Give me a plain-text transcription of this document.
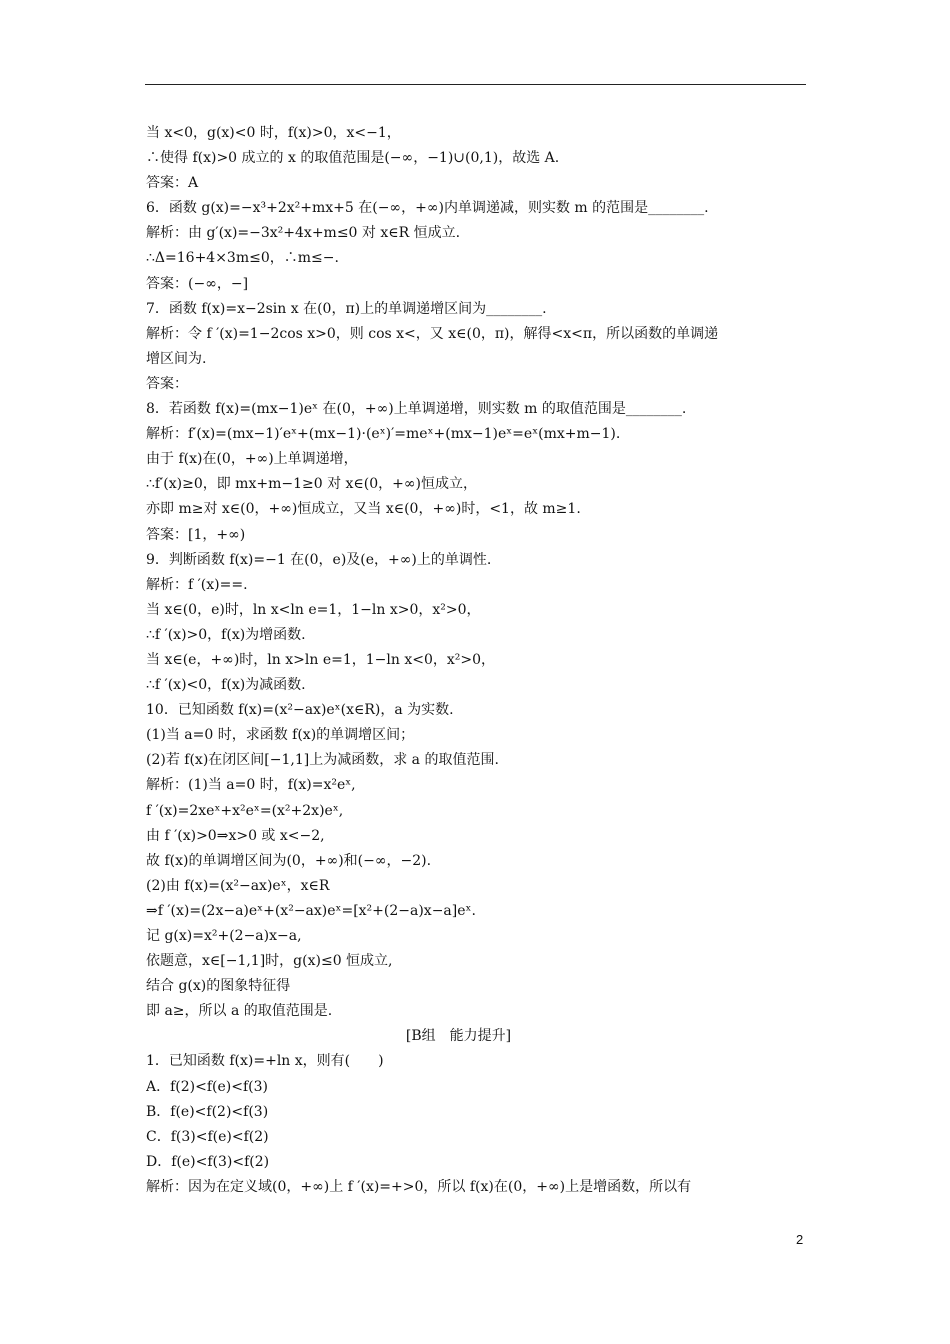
当 x<0，g(x)<0 时，f(x)>0，x<−1，
∴使得 f(x)>0 成立的 x 的取值范围是(−∞，−1)∪(0,1)，故选 A.
答案：A
6．函数 g(x)=−x³+2x²+mx+5 在(−∞，+∞)内单调递减，则实数 m 的范围是________.
解析：由 g′(x)=−3x²+4x+m≤0 对 x∈R 恒成立.
∴Δ=16+4×3m≤0，∴m≤−.
答案：(−∞，−]
7．函数 f(x)=x−2sin x 在(0，π)上的单调递增区间为________.
解析：令 f ′(x)=1−2cos x>0，则 cos x<，又 x∈(0，π)，解得<x<π，所以函数的单调递
增区间为.
答案：
8．若函数 f(x)=(mx−1)eˣ 在(0，+∞)上单调递增，则实数 m 的取值范围是________.
解析：f′(x)=(mx−1)′eˣ+(mx−1)·(eˣ)′=meˣ+(mx−1)eˣ=eˣ(mx+m−1).
由于 f(x)在(0，+∞)上单调递增，
∴f′(x)≥0，即 mx+m−1≥0 对 x∈(0，+∞)恒成立，
亦即 m≥对 x∈(0，+∞)恒成立，又当 x∈(0，+∞)时，<1，故 m≥1.
答案：[1，+∞)
9．判断函数 f(x)=−1 在(0，e)及(e，+∞)上的单调性.
解析：f ′(x)==.
当 x∈(0，e)时，ln x<ln e=1，1−ln x>0，x²>0，
∴f ′(x)>0，f(x)为增函数.
当 x∈(e，+∞)时，ln x>ln e=1，1−ln x<0，x²>0，
∴f ′(x)<0，f(x)为减函数.
10．已知函数 f(x)=(x²−ax)eˣ(x∈R)，a 为实数.
(1)当 a=0 时，求函数 f(x)的单调增区间；
(2)若 f(x)在闭区间[−1,1]上为减函数，求 a 的取值范围.
解析：(1)当 a=0 时，f(x)=x²eˣ,
f ′(x)=2xeˣ+x²eˣ=(x²+2x)eˣ,
由 f ′(x)>0⇒x>0 或 x<−2,
故 f(x)的单调增区间为(0，+∞)和(−∞，−2).
(2)由 f(x)=(x²−ax)eˣ，x∈R
⇒f ′(x)=(2x−a)eˣ+(x²−ax)eˣ=[x²+(2−a)x−a]eˣ.
记 g(x)=x²+(2−a)x−a,
依题意，x∈[−1,1]时，g(x)≤0 恒成立,
结合 g(x)的图象特征得
即 a≥，所以 a 的取值范围是.
[B组　能力提升]
1．已知函数 f(x)=+ln x，则有(　　)
A．f(2)<f(e)<f(3)
B．f(e)<f(2)<f(3)
C．f(3)<f(e)<f(2)
D．f(e)<f(3)<f(2)
解析：因为在定义域(0，+∞)上 f ′(x)=+>0，所以 f(x)在(0，+∞)上是增函数，所以有
2
